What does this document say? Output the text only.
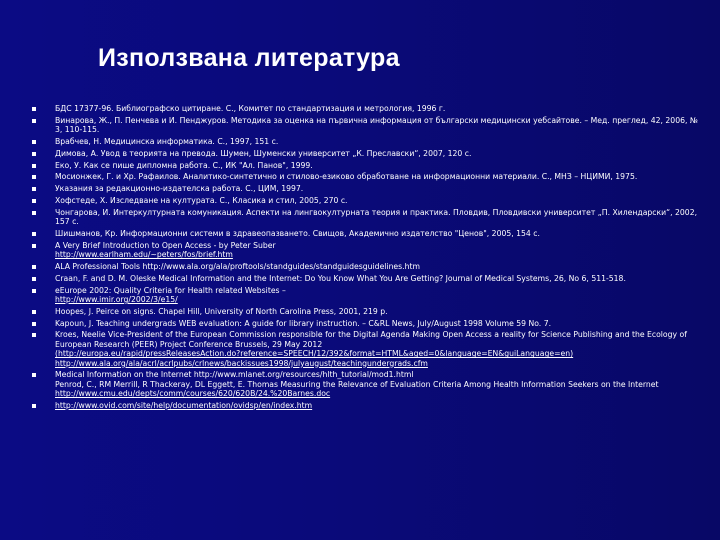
Използвана литература
БДС 17377-96. Библиографско цитиране. С., Комитет по стандартизация и метрология, 1996 г.
Винарова, Ж., П. Пенчева и И. Пенджуров. Методика за оценка на първична информация от български медицински уебсайтове. – Мед. преглед, 42, 2006, № 3, 110-115.
Врабчев, Н. Медицинска информатика. С., 1997, 151 с.
Димова, А. Увод в теорията на превода. Шумен, Шуменски университет „К. Преславски“, 2007, 120 с.
Еко, У. Как се пише дипломна работа. С., ИК "Ал. Панов", 1999.
Мосионжек, Г. и Хр. Рафаилов. Аналитико-синтетично и стилово-езиково обработване на информационни материали. С., МНЗ – НЦИМИ, 1975.
Указания за редакционно-издателска работа. С., ЦИМ, 1997.
Хофстеде, Х. Изследване на културата. С., Класика и стил, 2005, 270 с.
Чонгарова, И. Интеркултурната комуникация. Аспекти на лингвокултурната теория и практика. Пловдив, Пловдивски университет „П. Хилендарски“, 2002, 157 с.
Шишманов, Кр. Информационни системи в здравеопазването. Свищов, Академично издателство "Ценов", 2005, 154 с.
A Very Brief Introduction to Open Access - by Peter Suber
http://www.earlham.edu/~peters/fos/brief.htm
ALA Professional Tools http://www.ala.org/ala/proftools/standguides/standguidesguidelines.htm
Craan, F. and D. M. Oleske Medical Information and the Internet: Do You Know What You Are Getting? Journal of Medical Systems, 26, No 6, 511-518.
eEurope 2002: Quality Criteria for Health related Websites –
http://www.imir.org/2002/3/e15/
Hoopes, J. Peirce on signs. Chapel Hill, University of North Carolina Press, 2001, 219 p.
Kapoun, J. Teaching undergrads WEB evaluation: A guide for library instruction. – C&RL News, July/August 1998 Volume 59 No. 7.
Kroes, Neelie Vice-President of the European Commission responsible for the Digital Agenda Making Open Access a reality for Science Publishing and the Ecology of European Research (PEER) Project Conference Brussels, 29 May 2012
(http://europa.eu/rapid/pressReleasesAction.do?reference=SPEECH/12/392&format=HTML&aged=0&language=EN&guiLanguage=en)
http://www.ala.org/ala/acrl/acrlpubs/crlnews/backissues1998/julyaugust/teachingundergrads.cfm
Medical Information on the Internet http://www.mlanet.org/resources/hlth_tutorial/mod1.html
Penrod, C., RM Merrill, R Thackeray, DL Eggett, E. Thomas Measuring the Relevance of Evaluation Criteria Among Health Information Seekers on the Internet
http://www.cmu.edu/depts/comm/courses/620/620B/24.%20Barnes.doc
http://www.ovid.com/site/help/documentation/ovidsp/en/index.htm
